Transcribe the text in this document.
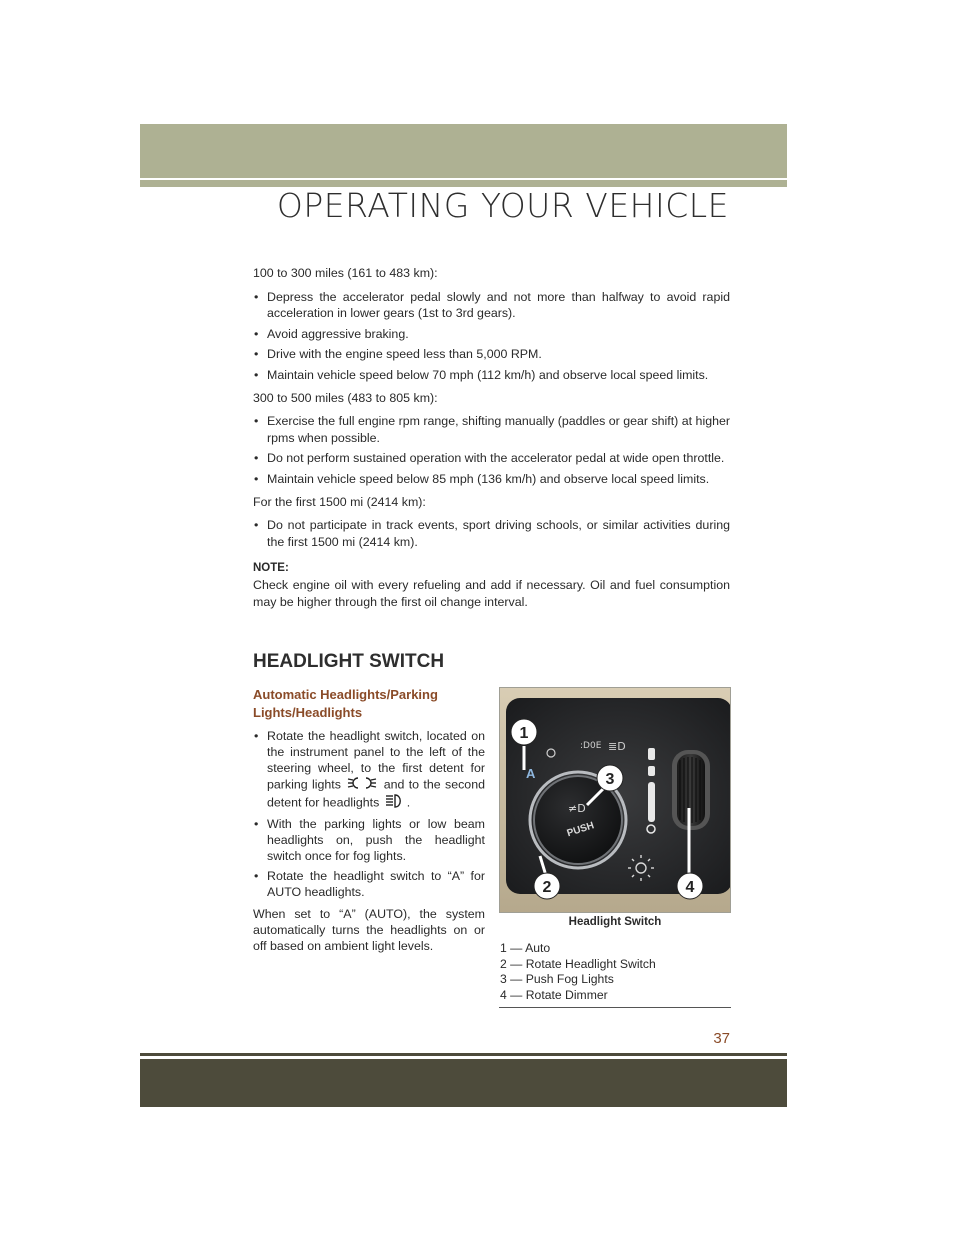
OPERATING YOUR VEHICLE
100 to 300 miles (161 to 483 km):
• Depress the accelerator pedal slowly and not more than halfway to avoid rapid acceleration in lower gears (1st to 3rd gears).
• Avoid aggressive braking.
• Drive with the engine speed less than 5,000 RPM.
• Maintain vehicle speed below 70 mph (112 km/h) and observe local speed limits.
300 to 500 miles (483 to 805 km):
• Exercise the full engine rpm range, shifting manually (paddles or gear shift) at higher rpms when possible.
• Do not perform sustained operation with the accelerator pedal at wide open throttle.
• Maintain vehicle speed below 85 mph (136 km/h) and observe local speed limits.
For the first 1500 mi (2414 km):
• Do not participate in track events, sport driving schools, or similar activities during the first 1500 mi (2414 km).
NOTE:
Check engine oil with every refueling and add if necessary. Oil and fuel consumption may be higher through the first oil change interval.
HEADLIGHT SWITCH
Automatic Headlights/Parking
Lights/Headlights
• Rotate the headlight switch, located on the instrument panel to the left of the steering wheel, to the first detent for parking lights	and to the second detent for headlights .
• With the parking lights or low beam headlights on, push the headlight switch once for fog lights.
• Rotate the headlight switch to “A” for AUTO headlights.
When set to “A” (AUTO), the system automatically turns the headlights on or off based on ambient light levels.
:D0E ≣D
A
≠D
PUSH
1
2
3
4
Headlight Switch
1 — Auto
2 — Rotate Headlight Switch
3 — Push Fog Lights
4 — Rotate Dimmer
37
